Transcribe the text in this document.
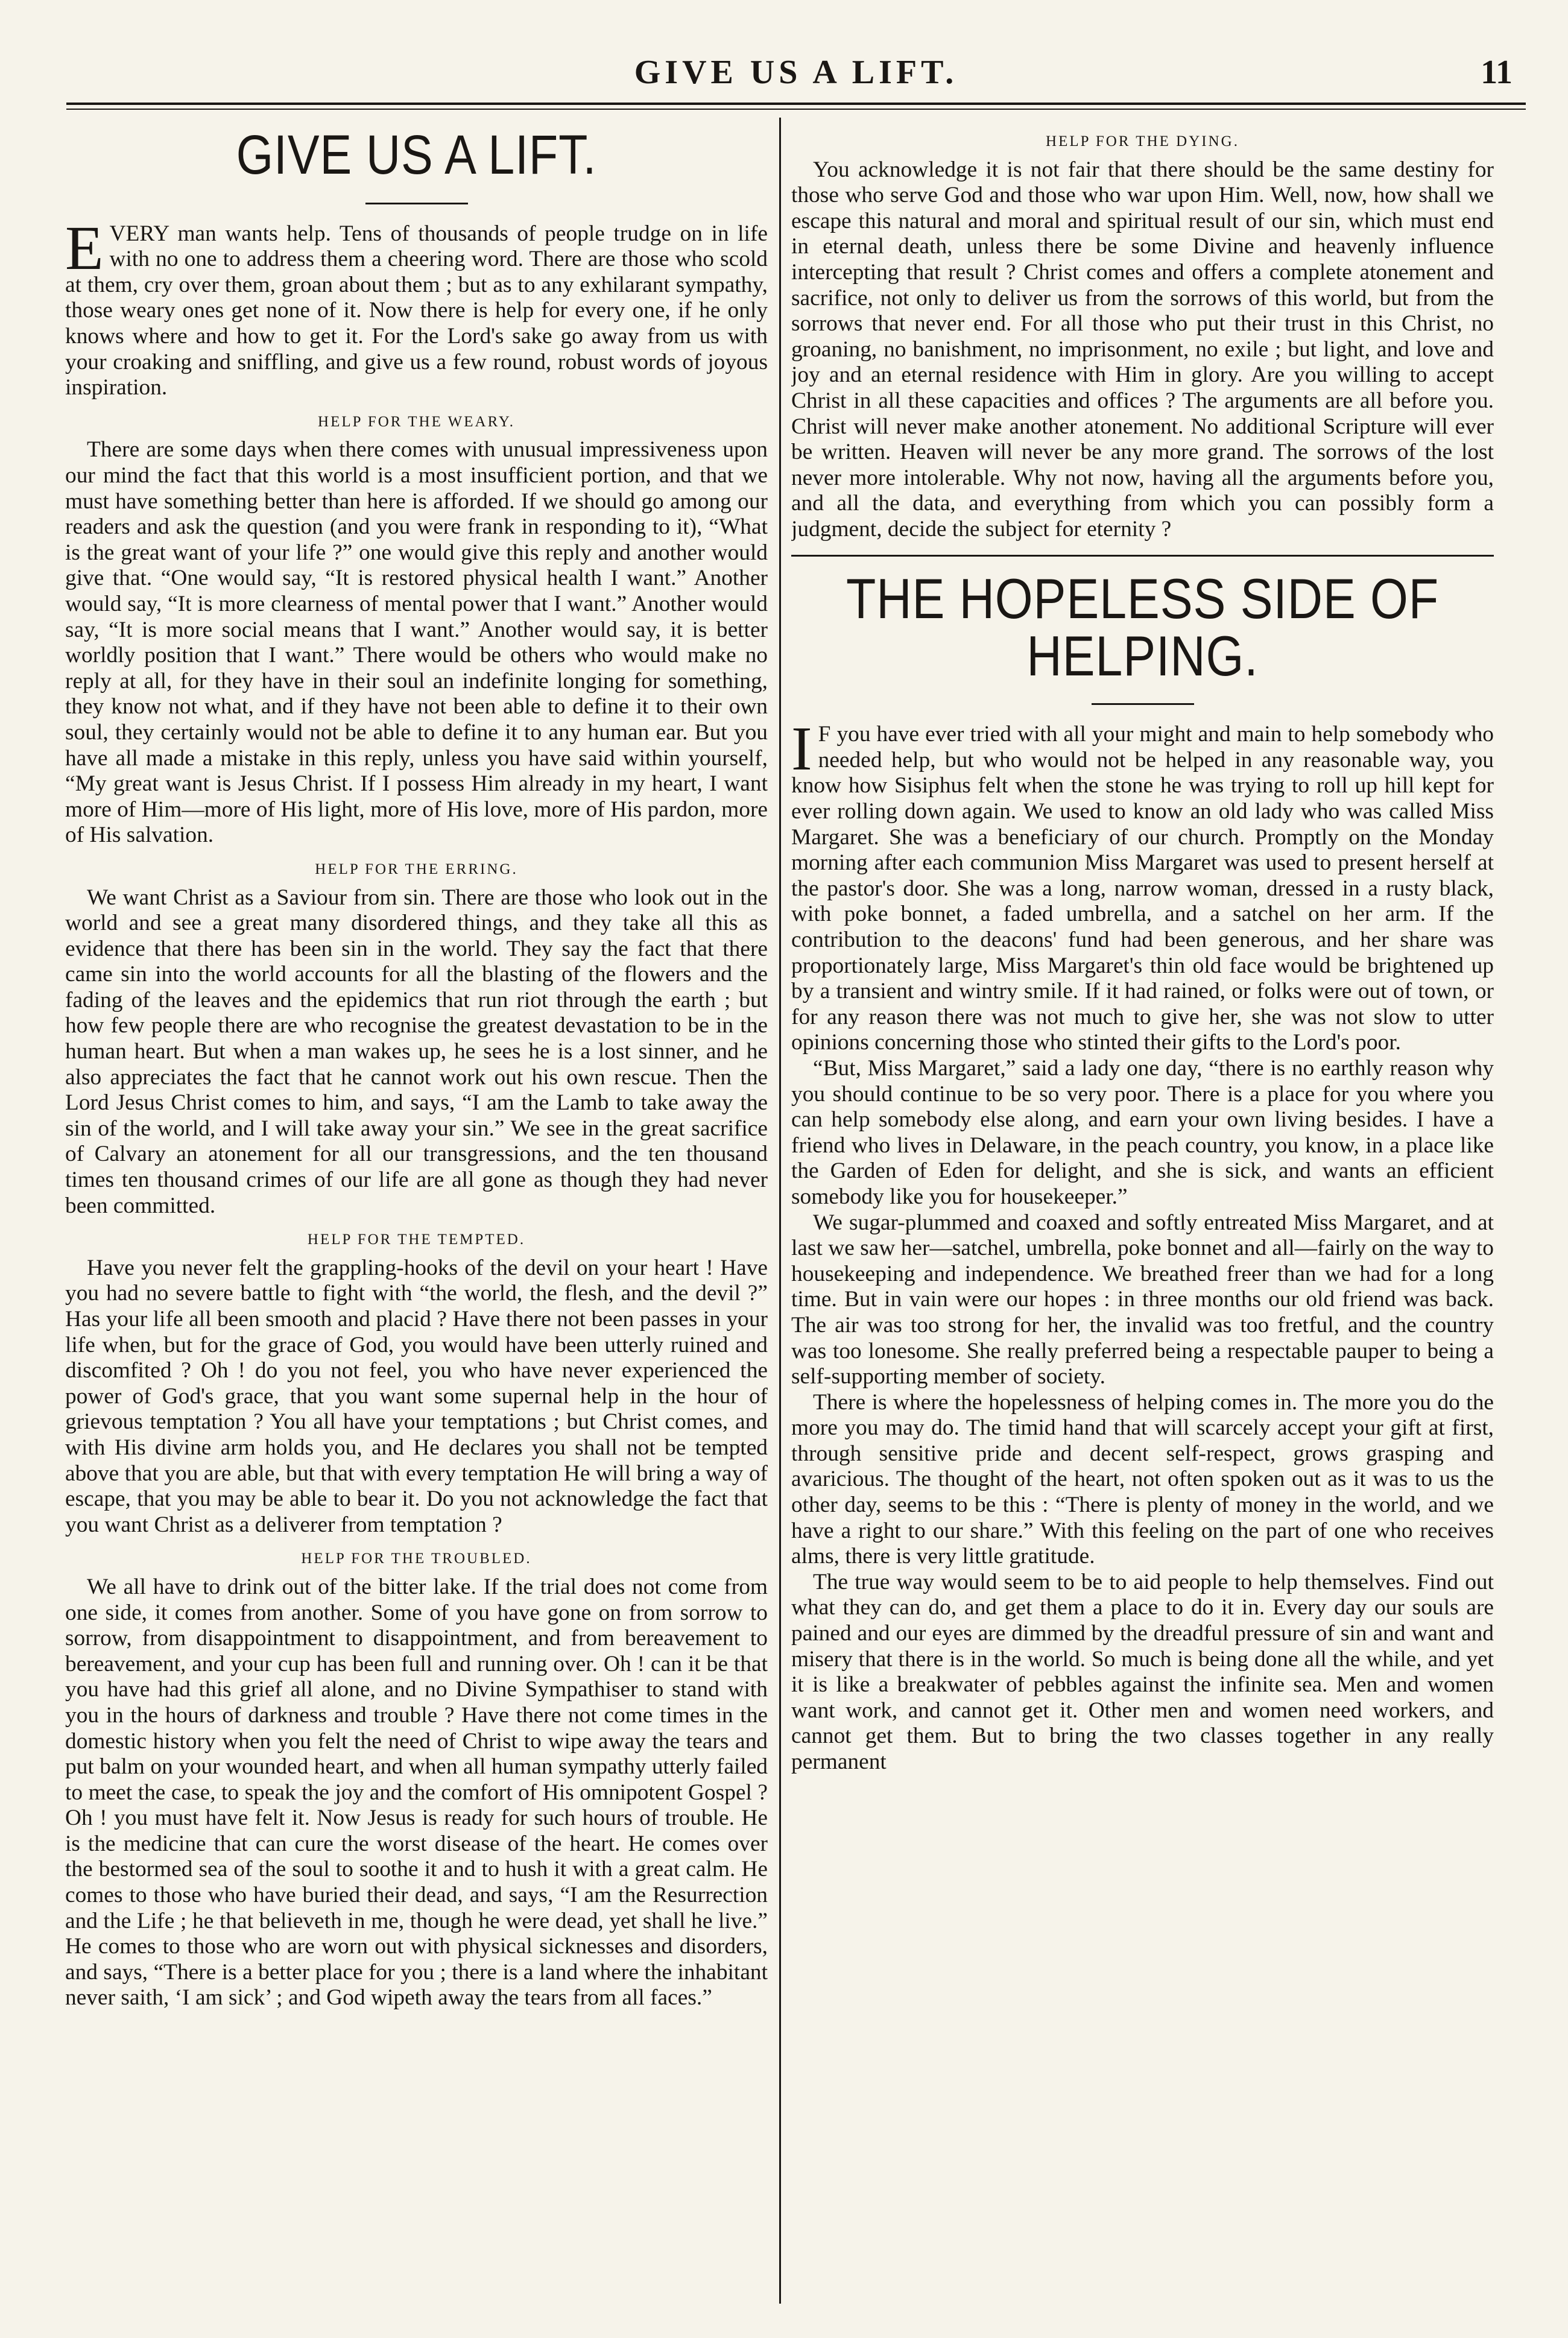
GIVE US A LIFT.	11
GIVE US A LIFT.

EVERY man wants help. Tens of thousands of people trudge on in life with no one to address them a cheering word. There are those who scold at them, cry over them, groan about them ; but as to any exhilarant sympathy, those weary ones get none of it. Now there is help for every one, if he only knows where and how to get it. For the Lord's sake go away from us with your croaking and sniffling, and give us a few round, robust words of joyous inspiration.

HELP FOR THE WEARY.

There are some days when there comes with unusual impressiveness upon our mind the fact that this world is a most insufficient portion, and that we must have something better than here is afforded. If we should go among our readers and ask the question (and you were frank in responding to it), “What is the great want of your life ?” one would give this reply and another would give that. “One would say, “It is restored physical health I want.” Another would say, “It is more clearness of mental power that I want.” Another would say, “It is more social means that I want.” Another would say, it is better worldly position that I want.” There would be others who would make no reply at all, for they have in their soul an indefinite longing for something, they know not what, and if they have not been able to define it to their own soul, they certainly would not be able to define it to any human ear. But you have all made a mistake in this reply, unless you have said within yourself, “My great want is Jesus Christ. If I possess Him already in my heart, I want more of Him—more of His light, more of His love, more of His pardon, more of His salvation.

HELP FOR THE ERRING.

We want Christ as a Saviour from sin. There are those who look out in the world and see a great many disordered things, and they take all this as evidence that there has been sin in the world. They say the fact that there came sin into the world accounts for all the blasting of the flowers and the fading of the leaves and the epidemics that run riot through the earth ; but how few people there are who recognise the greatest devastation to be in the human heart. But when a man wakes up, he sees he is a lost sinner, and he also appreciates the fact that he cannot work out his own rescue. Then the Lord Jesus Christ comes to him, and says, “I am the Lamb to take away the sin of the world, and I will take away your sin.” We see in the great sacrifice of Calvary an atonement for all our transgressions, and the ten thousand times ten thousand crimes of our life are all gone as though they had never been committed.

HELP FOR THE TEMPTED.

Have you never felt the grappling-hooks of the devil on your heart ! Have you had no severe battle to fight with “the world, the flesh, and the devil ?” Has your life all been smooth and placid ? Have there not been passes in your life when, but for the grace of God, you would have been utterly ruined and discomfited ? Oh ! do you not feel, you who have never experienced the power of God's grace, that you want some supernal help in the hour of grievous temptation ? You all have your temptations ; but Christ comes, and with His divine arm holds you, and He declares you shall not be tempted above that you are able, but that with every temptation He will bring a way of escape, that you may be able to bear it. Do you not acknowledge the fact that you want Christ as a deliverer from temptation ?

HELP FOR THE TROUBLED.

We all have to drink out of the bitter lake. If the trial does not come from one side, it comes from another. Some of you have gone on from sorrow to sorrow, from disappointment to disappointment, and from bereavement to bereavement, and your cup has been full and running over. Oh ! can it be that you have had this grief all alone, and no Divine Sympathiser to stand with you in the hours of darkness and trouble ? Have there not come times in the domestic history when you felt the need of Christ to wipe away the tears and put balm on your wounded heart, and when all human sympathy utterly failed to meet the case, to speak the joy and the comfort of His omnipotent Gospel ? Oh ! you must have felt it. Now Jesus is ready for such hours of trouble. He is the medicine that can cure the worst disease of the heart. He comes over the bestormed sea of the soul to soothe it and to hush it with a great calm. He comes to those who have buried their dead, and says, “I am the Resurrection and the Life ; he that believeth in me, though he were dead, yet shall he live.” He comes to those who are worn out with physical sicknesses and disorders, and says, “There is a better place for you ; there is a land where the inhabitant never saith, ‘I am sick’ ; and God wipeth away the tears from all faces.”

HELP FOR THE DYING.

You acknowledge it is not fair that there should be the same destiny for those who serve God and those who war upon Him. Well, now, how shall we escape this natural and moral and spiritual result of our sin, which must end in eternal death, unless there be some Divine and heavenly influence intercepting that result ? Christ comes and offers a complete atonement and sacrifice, not only to deliver us from the sorrows of this world, but from the sorrows that never end. For all those who put their trust in this Christ, no groaning, no banishment, no imprisonment, no exile ; but light, and love and joy and an eternal residence with Him in glory. Are you willing to accept Christ in all these capacities and offices ? The arguments are all before you. Christ will never make another atonement. No additional Scripture will ever be written. Heaven will never be any more grand. The sorrows of the lost never more intolerable. Why not now, having all the arguments before you, and all the data, and everything from which you can possibly form a judgment, decide the subject for eternity ?

THE HOPELESS SIDE OF HELPING.

I F you have ever tried with all your might and main to help somebody who needed help, but who would not be helped in any reasonable way, you know how Sisiphus felt when the stone he was trying to roll up hill kept for ever rolling down again. We used to know an old lady who was called Miss Margaret. She was a beneficiary of our church. Promptly on the Monday morning after each communion Miss Margaret was used to present herself at the pastor's door. She was a long, narrow woman, dressed in a rusty black, with poke bonnet, a faded umbrella, and a satchel on her arm. If the contribution to the deacons' fund had been generous, and her share was proportionately large, Miss Margaret's thin old face would be brightened up by a transient and wintry smile. If it had rained, or folks were out of town, or for any reason there was not much to give her, she was not slow to utter opinions concerning those who stinted their gifts to the Lord's poor.

“But, Miss Margaret,” said a lady one day, “there is no earthly reason why you should continue to be so very poor. There is a place for you where you can help somebody else along, and earn your own living besides. I have a friend who lives in Delaware, in the peach country, you know, in a place like the Garden of Eden for delight, and she is sick, and wants an efficient somebody like you for housekeeper.”

We sugar-plummed and coaxed and softly entreated Miss Margaret, and at last we saw her—satchel, umbrella, poke bonnet and all—fairly on the way to housekeeping and independence. We breathed freer than we had for a long time. But in vain were our hopes : in three months our old friend was back. The air was too strong for her, the invalid was too fretful, and the country was too lonesome. She really preferred being a respectable pauper to being a self-supporting member of society.

There is where the hopelessness of helping comes in. The more you do the more you may do. The timid hand that will scarcely accept your gift at first, through sensitive pride and decent self-respect, grows grasping and avaricious. The thought of the heart, not often spoken out as it was to us the other day, seems to be this : “There is plenty of money in the world, and we have a right to our share.” With this feeling on the part of one who receives alms, there is very little gratitude.

The true way would seem to be to aid people to help themselves. Find out what they can do, and get them a place to do it in. Every day our souls are pained and our eyes are dimmed by the dreadful pressure of sin and want and misery that there is in the world. So much is being done all the while, and yet it is like a breakwater of pebbles against the infinite sea. Men and women want work, and cannot get it. Other men and women need workers, and cannot get them. But to bring the two classes together in any really permanent
